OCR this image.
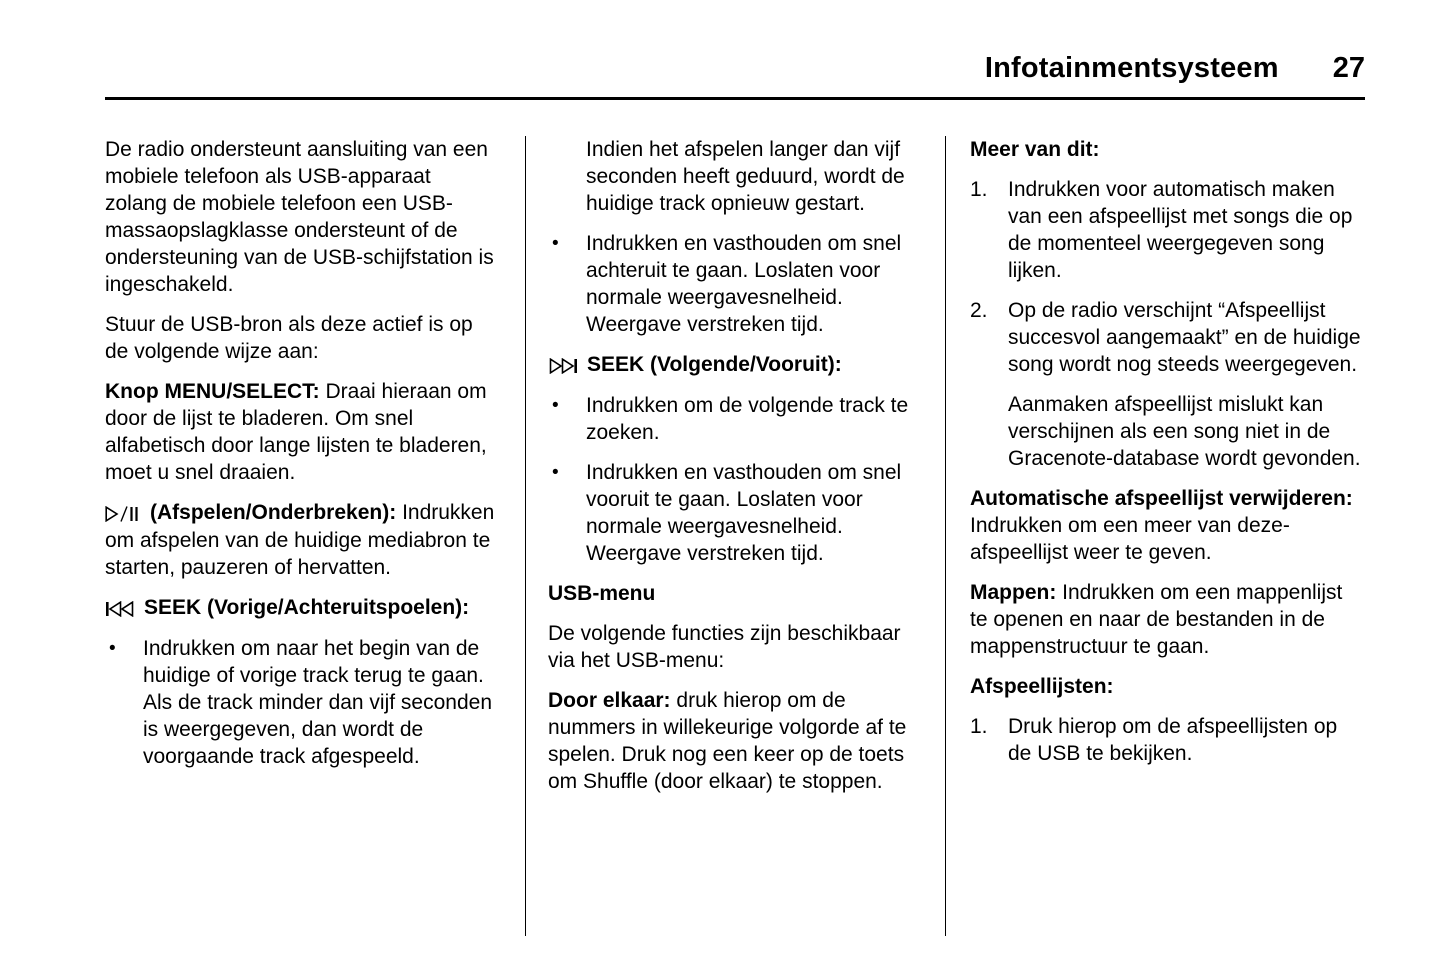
Infotainmentsysteem 27

De radio ondersteunt aansluiting van een mobiele telefoon als USB-apparaat zolang de mobiele telefoon een USB-massaopslagklasse ondersteunt of de ondersteuning van de USB-schijfstation is ingeschakeld.

Stuur de USB-bron als deze actief is op de volgende wijze aan:

Knop MENU/SELECT: Draai hieraan om door de lijst te bladeren. Om snel alfabetisch door lange lijsten te bladeren, moet u snel draaien.

(Afspelen/Onderbreken): Indrukken om afspelen van de huidige mediabron te starten, pauzeren of hervatten.

SEEK (Vorige/Achteruitspoelen):

•	Indrukken om naar het begin van de huidige of vorige track terug te gaan. Als de track minder dan vijf seconden is weergegeven, dan wordt de voorgaande track afgespeeld.

Indien het afspelen langer dan vijf seconden heeft geduurd, wordt de huidige track opnieuw gestart.

•	Indrukken en vasthouden om snel achteruit te gaan. Loslaten voor normale weergavesnelheid. Weergave verstreken tijd.

SEEK (Volgende/Vooruit):

•	Indrukken om de volgende track te zoeken.
•	Indrukken en vasthouden om snel vooruit te gaan. Loslaten voor normale weergavesnelheid. Weergave verstreken tijd.

USB-menu

De volgende functies zijn beschikbaar via het USB-menu:

Door elkaar: druk hierop om de nummers in willekeurige volgorde af te spelen. Druk nog een keer op de toets om Shuffle (door elkaar) te stoppen.

Meer van dit:

1. Indrukken voor automatisch maken van een afspeellijst met songs die op de momenteel weergegeven song lijken.
2. Op de radio verschijnt “Afspeellijst succesvol aangemaakt” en de huidige song wordt nog steeds weergegeven.

Aanmaken afspeellijst mislukt kan verschijnen als een song niet in de Gracenote-database wordt gevonden.

Automatische afspeellijst verwijderen: Indrukken om een meer van deze-afspeellijst weer te geven.

Mappen: Indrukken om een mappenlijst te openen en naar de bestanden in de mappenstructuur te gaan.

Afspeellijsten:

1. Druk hierop om de afspeellijsten op de USB te bekijken.
